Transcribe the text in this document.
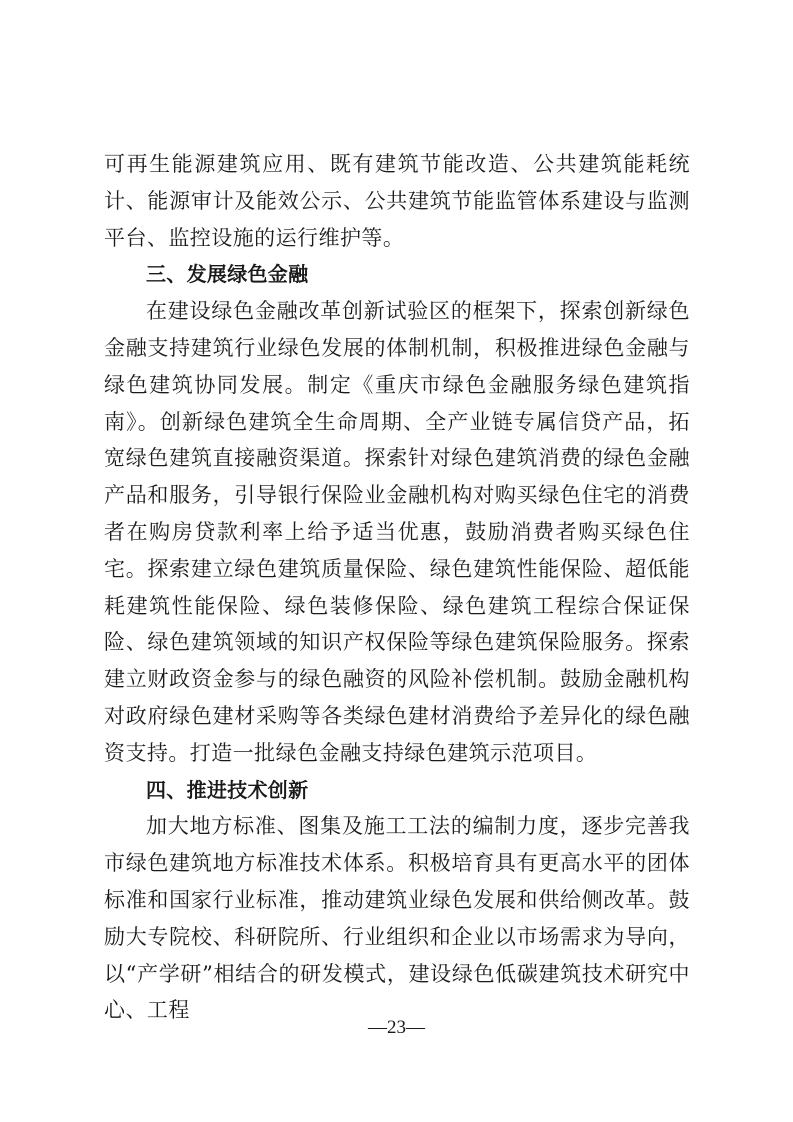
可再生能源建筑应用、既有建筑节能改造、公共建筑能耗统计、能源审计及能效公示、公共建筑节能监管体系建设与监测平台、监控设施的运行维护等。

三、发展绿色金融

在建设绿色金融改革创新试验区的框架下，探索创新绿色金融支持建筑行业绿色发展的体制机制，积极推进绿色金融与绿色建筑协同发展。制定《重庆市绿色金融服务绿色建筑指南》。创新绿色建筑全生命周期、全产业链专属信贷产品，拓宽绿色建筑直接融资渠道。探索针对绿色建筑消费的绿色金融产品和服务，引导银行保险业金融机构对购买绿色住宅的消费者在购房贷款利率上给予适当优惠，鼓励消费者购买绿色住宅。探索建立绿色建筑质量保险、绿色建筑性能保险、超低能耗建筑性能保险、绿色装修保险、绿色建筑工程综合保证保险、绿色建筑领域的知识产权保险等绿色建筑保险服务。探索建立财政资金参与的绿色融资的风险补偿机制。鼓励金融机构对政府绿色建材采购等各类绿色建材消费给予差异化的绿色融资支持。打造一批绿色金融支持绿色建筑示范项目。

四、推进技术创新

加大地方标准、图集及施工工法的编制力度，逐步完善我市绿色建筑地方标准技术体系。积极培育具有更高水平的团体标准和国家行业标准，推动建筑业绿色发展和供给侧改革。鼓励大专院校、科研院所、行业组织和企业以市场需求为导向，以“产学研”相结合的研发模式，建设绿色低碳建筑技术研究中心、工程

—23—
